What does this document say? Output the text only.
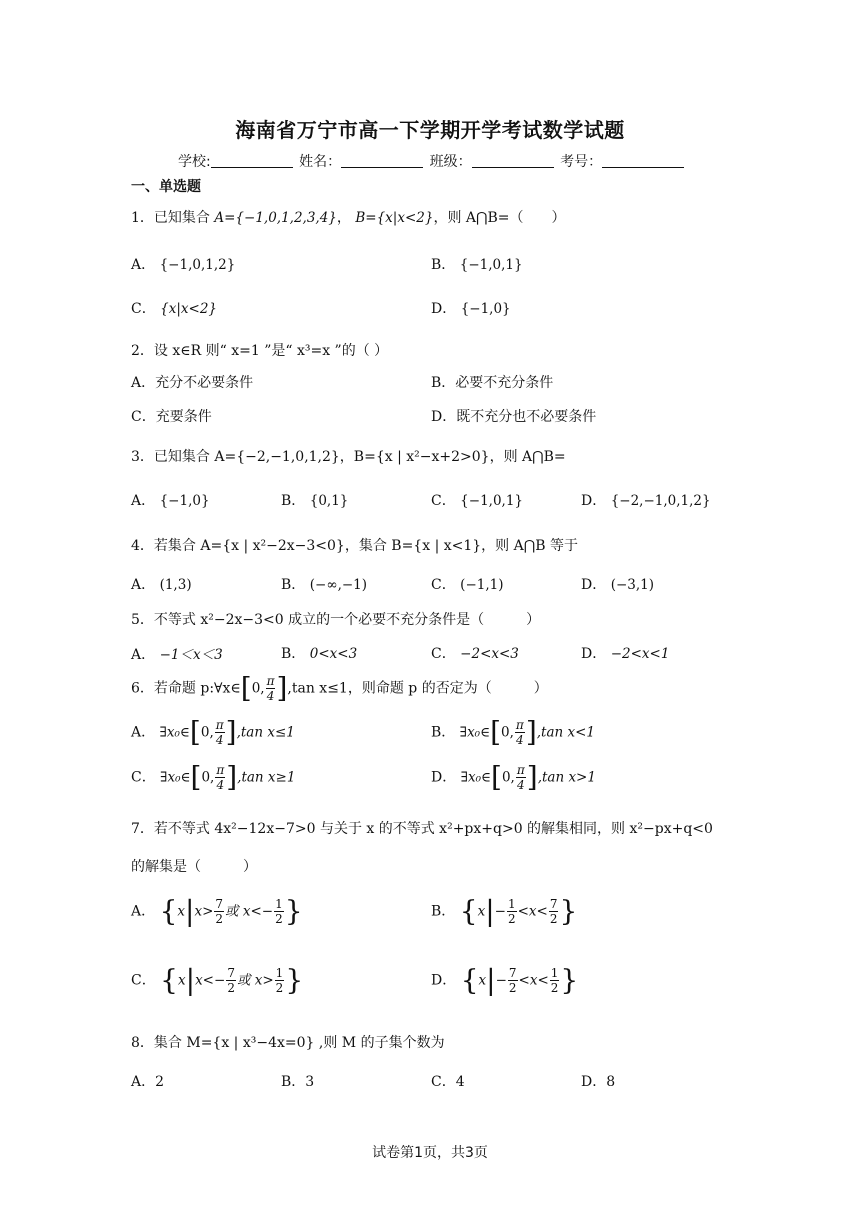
海南省万宁市高一下学期开学考试数学试题
学校:	姓名：	班级：	考号：
一、单选题
1．已知集合 A={−1,0,1,2,3,4}， B={x|x<2}，则 A⋂B=（　　）
A． {−1,0,1,2}	B． {−1,0,1}
C． {x|x<2}	D． {−1,0}
2．设 x∈R 则“ x=1 ”是“ x³=x ”的（ ）
A．充分不必要条件	B．必要不充分条件
C．充要条件	D．既不充分也不必要条件
3．已知集合 A={−2,−1,0,1,2}，B={x | x²−x+2>0}，则 A⋂B=
A． {−1,0}	B． {0,1}	C． {−1,0,1}	D． {−2,−1,0,1,2}
4．若集合 A={x | x²−2x−3<0}，集合 B={x | x<1}，则 A⋂B 等于
A． (1,3)	B． (−∞,−1)	C． (−1,1)	D． (−3,1)
5．不等式 x²−2x−3<0 成立的一个必要不充分条件是（　　　）
A． −1＜x＜3	B． 0<x<3	C． −2<x<3	D． −2<x<1
6．若命题 p:∀x∈[0, $\frac{\pi}{4} ],\tan$ x≤1，则命题 p 的否定为（　　　）
A． ∃x₀∈[0, $\frac{\pi}{4} ],\tan$ x≤1	B． ∃x₀∈[0, $\frac{\pi}{4} ],\tan$ x<1
C． ∃x₀∈[0, $\frac{\pi}{4} ],\tan$ x≥1	D． ∃x₀∈[0, $\frac{\pi}{4} ],\tan$ x>1
7．若不等式 4x²−12x−7>0 与关于 x 的不等式 x²+px+q>0 的解集相同，则 x²−px+q<0
的解集是（　　　）
A． {$x|x> \frac{7}{2}$ 或 $x<- \frac{1}{2}$ }	B． {$x|- \frac{1}{2} <x< \frac{7}{2}$ }
C． {$x|x<- \frac{7}{2}$ 或 $x> \frac{1}{2}$ }	D． {$x|- \frac{7}{2} <x< \frac{1}{2}$ }
8．集合 M={x | x³−4x=0} ,则 M 的子集个数为
A．2	B．3	C．4	D．8
试卷第1页，共3页
